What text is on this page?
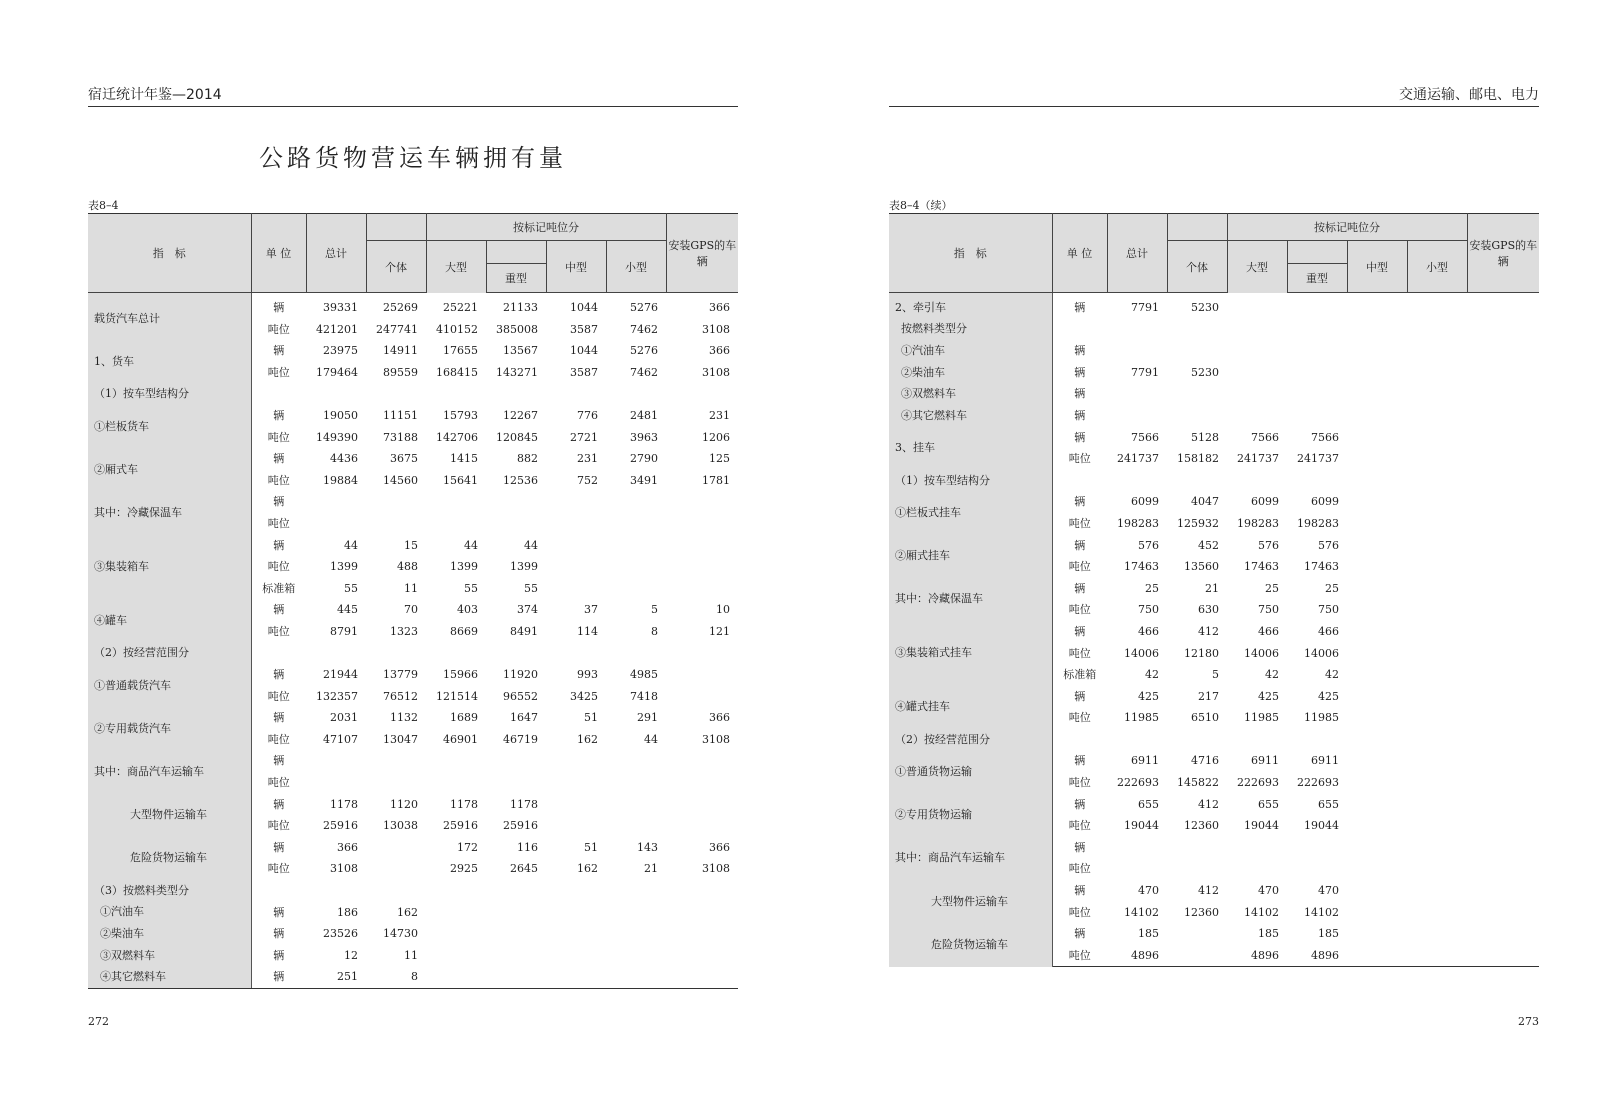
宿迁统计年鉴—2014
公路货物营运车辆拥有量
表8–4
指　标	单 位	总计		按标记吨位分				安装GPS的车辆
			个体	大型		中型	小型	
					重型			
载货汽车总计	辆	39331	25269	25221	21133	1044	5276	366
	吨位	421201	247741	410152	385008	3587	7462	3108
1、货车	辆	23975	14911	17655	13567	1044	5276	366
	吨位	179464	89559	168415	143271	3587	7462	3108
（1）按车型结构分								
①栏板货车	辆	19050	11151	15793	12267	776	2481	231
	吨位	149390	73188	142706	120845	2721	3963	1206
②厢式车	辆	4436	3675	1415	882	231	2790	125
	吨位	19884	14560	15641	12536	752	3491	1781
其中：冷藏保温车	辆							
	吨位							
③集装箱车	辆	44	15	44	44			
	吨位	1399	488	1399	1399			
	标准箱	55	11	55	55			
④罐车	辆	445	70	403	374	37	5	10
	吨位	8791	1323	8669	8491	114	8	121
（2）按经营范围分								
①普通载货汽车	辆	21944	13779	15966	11920	993	4985	
	吨位	132357	76512	121514	96552	3425	7418	
②专用载货汽车	辆	2031	1132	1689	1647	51	291	366
	吨位	47107	13047	46901	46719	162	44	3108
其中：商品汽车运输车	辆							
	吨位							
大型物件运输车	辆	1178	1120	1178	1178			
	吨位	25916	13038	25916	25916			
危险货物运输车	辆	366		172	116	51	143	366
	吨位	3108		2925	2645	162	21	3108
（3）按燃料类型分								
①汽油车	辆	186	162					
②柴油车	辆	23526	14730					
③双燃料车	辆	12	11					
④其它燃料车	辆	251	8					
272
交通运输、邮电、电力
表8–4（续）
指　标	单 位	总计		按标记吨位分				安装GPS的车辆
			个体	大型		中型	小型	
					重型			
2、牵引车	辆	7791	5230					
按燃料类型分								
①汽油车	辆							
②柴油车	辆	7791	5230					
③双燃料车	辆							
④其它燃料车	辆							
3、挂车	辆	7566	5128	7566	7566			
	吨位	241737	158182	241737	241737			
（1）按车型结构分								
①栏板式挂车	辆	6099	4047	6099	6099			
	吨位	198283	125932	198283	198283			
②厢式挂车	辆	576	452	576	576			
	吨位	17463	13560	17463	17463			
其中：冷藏保温车	辆	25	21	25	25			
	吨位	750	630	750	750			
③集装箱式挂车	辆	466	412	466	466			
	吨位	14006	12180	14006	14006			
	标准箱	42	5	42	42			
④罐式挂车	辆	425	217	425	425			
	吨位	11985	6510	11985	11985			
（2）按经营范围分								
①普通货物运输	辆	6911	4716	6911	6911			
	吨位	222693	145822	222693	222693			
②专用货物运输	辆	655	412	655	655			
	吨位	19044	12360	19044	19044			
其中：商品汽车运输车	辆							
	吨位							
大型物件运输车	辆	470	412	470	470			
	吨位	14102	12360	14102	14102			
危险货物运输车	辆	185		185	185			
	吨位	4896		4896	4896			
273
